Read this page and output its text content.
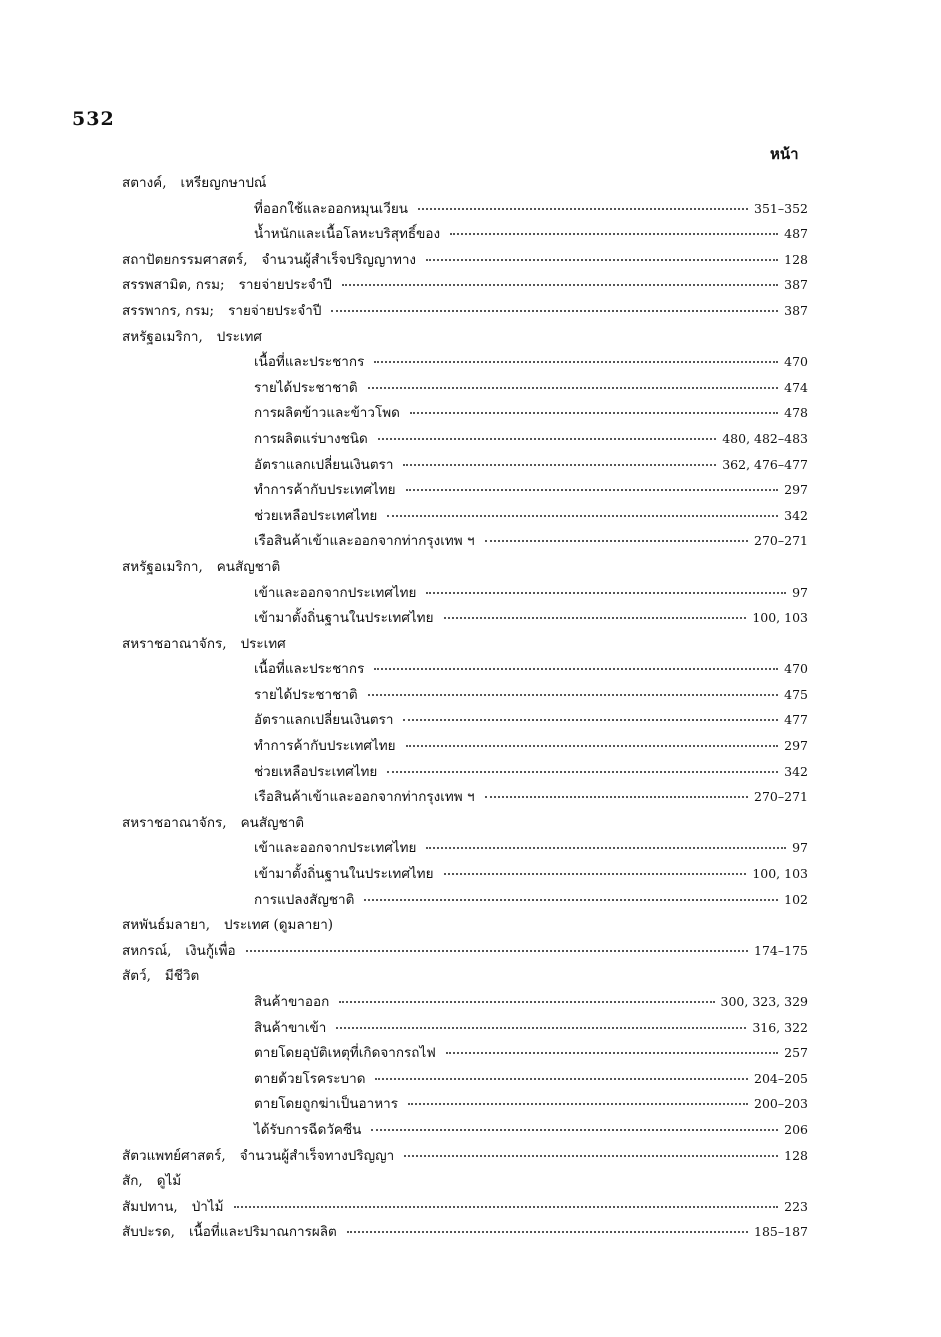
532
หน้า
สตางค์, เหรียญกษาปณ์
ที่ออกใช้และออกหมุนเวียน	351–352
น้ำหนักและเนื้อโลหะบริสุทธิ์ของ	487
สถาปัตยกรรมศาสตร์, จำนวนผู้สำเร็จปริญญาทาง	128
สรรพสามิต, กรม; รายจ่ายประจำปี	387
สรรพากร, กรม; รายจ่ายประจำปี	387
สหรัฐอเมริกา, ประเทศ
เนื้อที่และประชากร	470
รายได้ประชาชาติ	474
การผลิตข้าวและข้าวโพด	478
การผลิตแร่บางชนิด	480, 482–483
อัตราแลกเปลี่ยนเงินตรา	362, 476–477
ทำการค้ากับประเทศไทย	297
ช่วยเหลือประเทศไทย	342
เรือสินค้าเข้าและออกจากท่ากรุงเทพ ฯ	270–271
สหรัฐอเมริกา, คนสัญชาติ
เข้าและออกจากประเทศไทย	97
เข้ามาตั้งถิ่นฐานในประเทศไทย	100, 103
สหราชอาณาจักร, ประเทศ
เนื้อที่และประชากร	470
รายได้ประชาชาติ	475
อัตราแลกเปลี่ยนเงินตรา	477
ทำการค้ากับประเทศไทย	297
ช่วยเหลือประเทศไทย	342
เรือสินค้าเข้าและออกจากท่ากรุงเทพ ฯ	270–271
สหราชอาณาจักร, คนสัญชาติ
เข้าและออกจากประเทศไทย	97
เข้ามาตั้งถิ่นฐานในประเทศไทย	100, 103
การแปลงสัญชาติ	102
สหพันธ์มลายา, ประเทศ (ดูมลายา)
สหกรณ์, เงินกู้เพื่อ	174–175
สัตว์, มีชีวิต
สินค้าขาออก	300, 323, 329
สินค้าขาเข้า	316, 322
ตายโดยอุบัติเหตุที่เกิดจากรถไฟ	257
ตายด้วยโรคระบาด	204–205
ตายโดยถูกฆ่าเป็นอาหาร	200–203
ได้รับการฉีดวัคซีน	206
สัตวแพทย์ศาสตร์, จำนวนผู้สำเร็จทางปริญญา	128
สัก, ดูไม้
สัมปทาน, ป่าไม้	223
สับปะรด, เนื้อที่และปริมาณการผลิต	185–187
